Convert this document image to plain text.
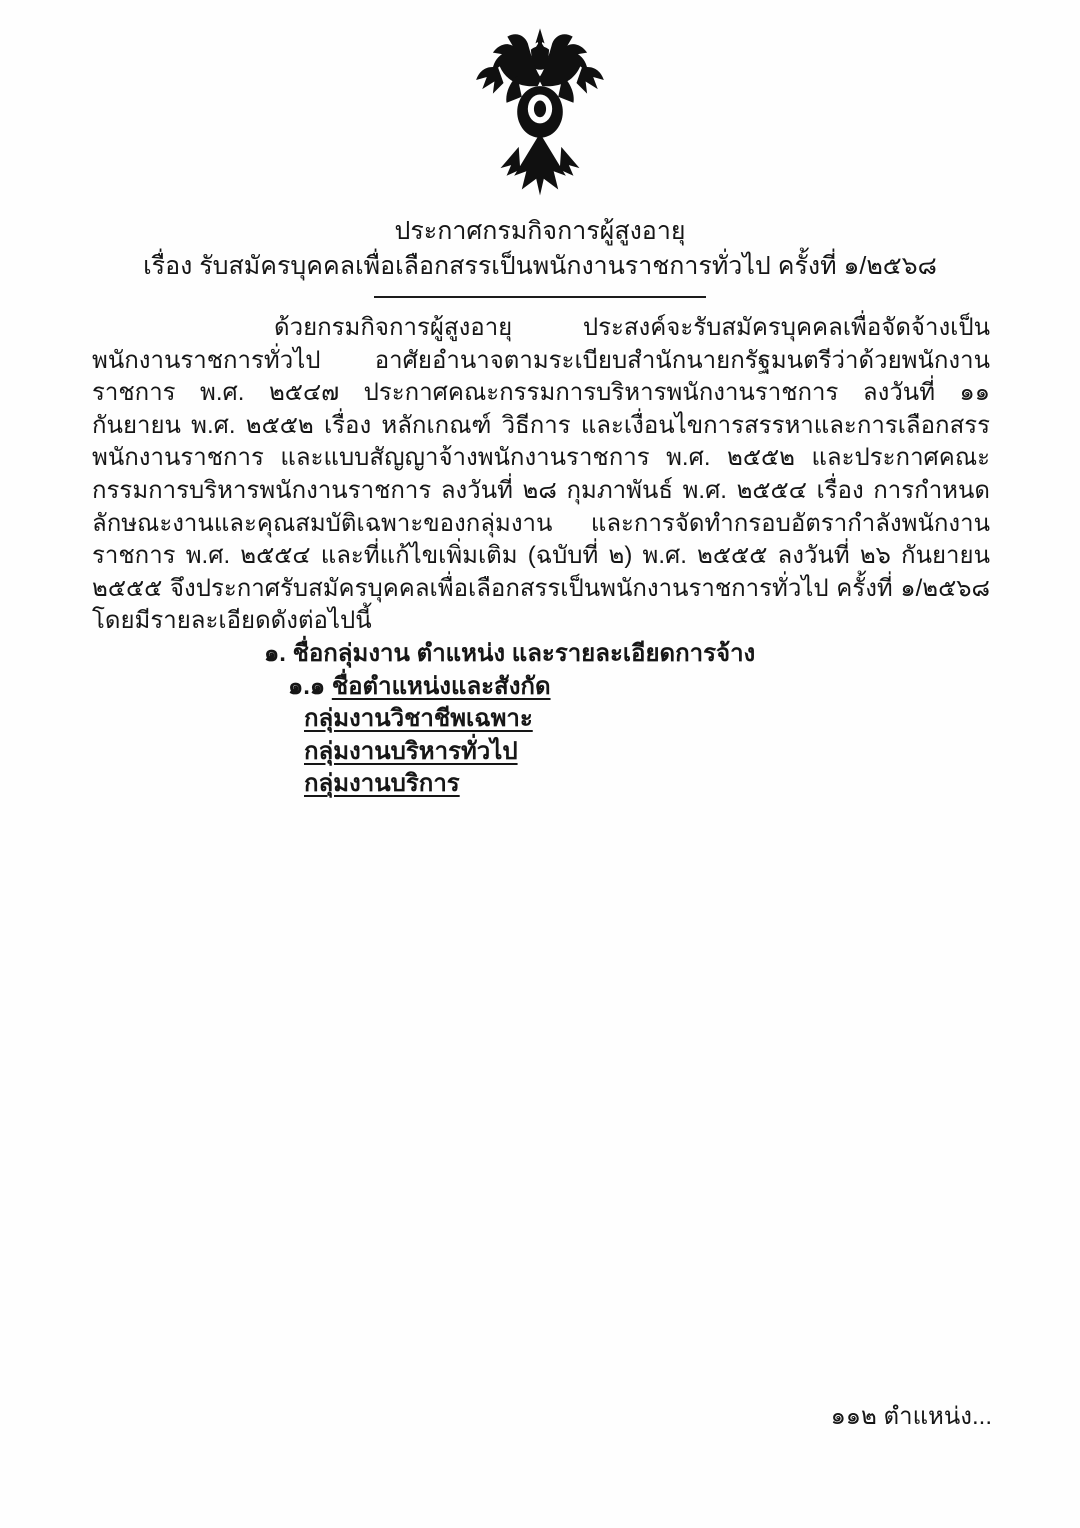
ประกาศกรมกิจการผู้สูงอายุ
เรื่อง รับสมัครบุคคลเพื่อเลือกสรรเป็นพนักงานราชการทั่วไป ครั้งที่ ๑/๒๕๖๘

ด้วยกรมกิจการผู้สูงอายุ ประสงค์จะรับสมัครบุคคลเพื่อจัดจ้างเป็นพนักงานราชการทั่วไป อาศัยอำนาจตามระเบียบสำนักนายกรัฐมนตรีว่าด้วยพนักงานราชการ พ.ศ. ๒๕๔๗ ประกาศคณะกรรมการบริหารพนักงานราชการ ลงวันที่ ๑๑ กันยายน พ.ศ. ๒๕๕๒ เรื่อง หลักเกณฑ์ วิธีการ และเงื่อนไขการสรรหาและการเลือกสรรพนักงานราชการ และแบบสัญญาจ้างพนักงานราชการ พ.ศ. ๒๕๕๒ และประกาศคณะกรรมการบริหารพนักงานราชการ ลงวันที่ ๒๘ กุมภาพันธ์ พ.ศ. ๒๕๕๔ เรื่อง การกำหนดลักษณะงานและคุณสมบัติเฉพาะของกลุ่มงาน และการจัดทำกรอบอัตรากำลังพนักงานราชการ พ.ศ. ๒๕๕๔ และที่แก้ไขเพิ่มเติม (ฉบับที่ ๒) พ.ศ. ๒๕๕๕ ลงวันที่ ๒๖ กันยายน ๒๕๕๕ จึงประกาศรับสมัครบุคคลเพื่อเลือกสรรเป็นพนักงานราชการทั่วไป ครั้งที่ ๑/๒๕๖๘ โดยมีรายละเอียดดังต่อไปนี้

๑. ชื่อกลุ่มงาน ตำแหน่ง และรายละเอียดการจ้าง
๑.๑ ชื่อตำแหน่งและสังกัด
กลุ่มงานวิชาชีพเฉพาะ
กลุ่มงานบริหารทั่วไป
กลุ่มงานบริการ
๑๑๒ ตำแหน่ง...
